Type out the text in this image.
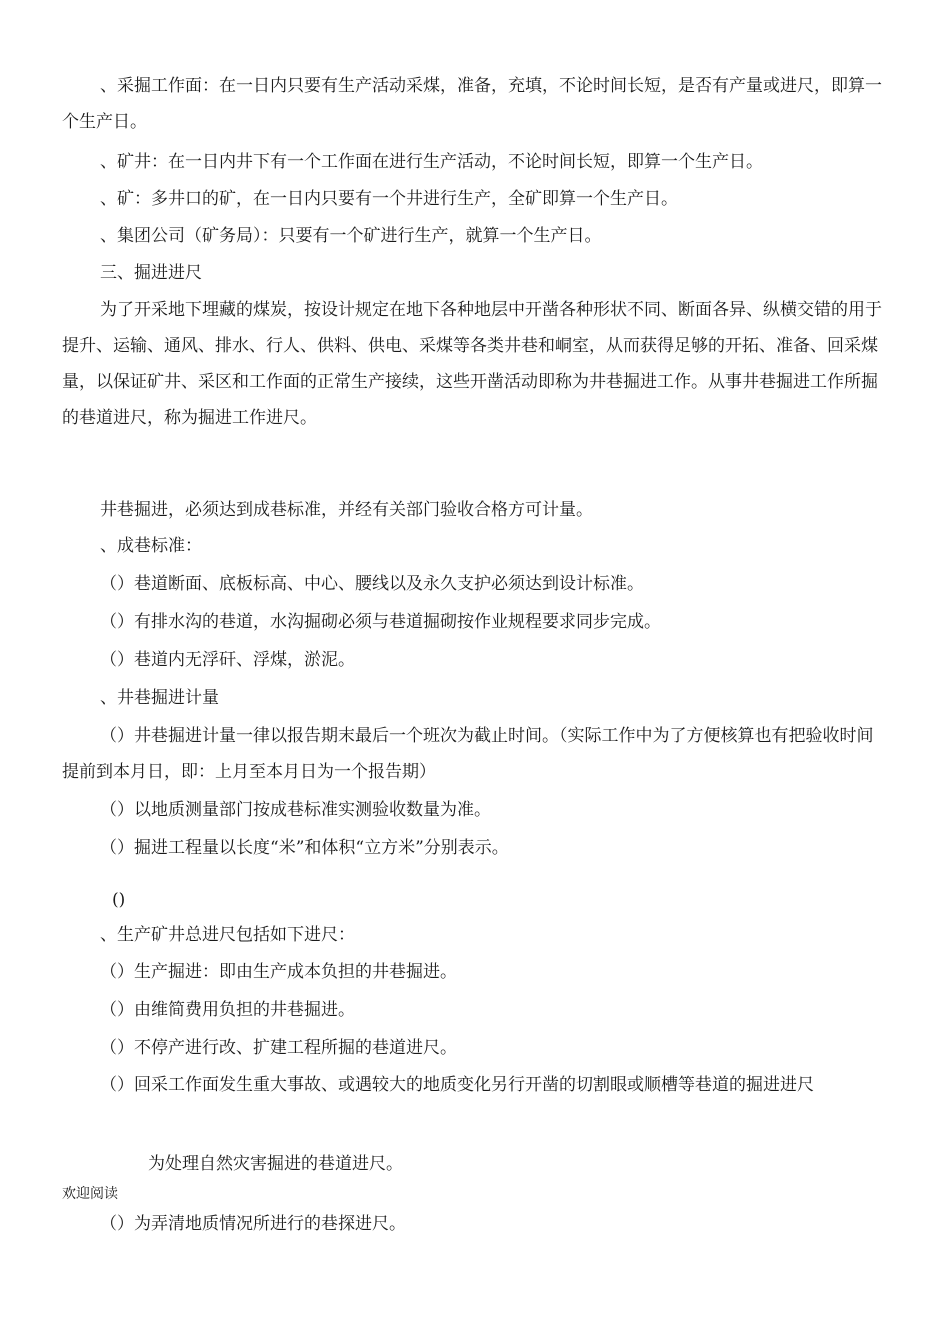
、采掘工作面：在一日内只要有生产活动采煤，准备，充填，不论时间长短，是否有产量或进尺，即算一个生产日。

、矿井：在一日内井下有一个工作面在进行生产活动，不论时间长短，即算一个生产日。

、矿：多井口的矿，在一日内只要有一个井进行生产，全矿即算一个生产日。

、集团公司（矿务局）：只要有一个矿进行生产，就算一个生产日。

三、掘进进尺

为了开采地下埋藏的煤炭，按设计规定在地下各种地层中开凿各种形状不同、断面各异、纵横交错的用于提升、运输、通风、排水、行人、供料、供电、采煤等各类井巷和峒室，从而获得足够的开拓、准备、回采煤量，以保证矿井、采区和工作面的正常生产接续，这些开凿活动即称为井巷掘进工作。从事井巷掘进工作所掘的巷道进尺，称为掘进工作进尺。

井巷掘进，必须达到成巷标准，并经有关部门验收合格方可计量。

、成巷标准：

（）巷道断面、底板标高、中心、腰线以及永久支护必须达到设计标准。

（）有排水沟的巷道，水沟掘砌必须与巷道掘砌按作业规程要求同步完成。

（）巷道内无浮矸、浮煤，淤泥。

、井巷掘进计量

（）井巷掘进计量一律以报告期末最后一个班次为截止时间。（实际工作中为了方便核算也有把验收时间提前到本月日，即：上月至本月日为一个报告期）

（）以地质测量部门按成巷标准实测验收数量为准。

（）掘进工程量以长度“米”和体积“立方米”分别表示。

()

、生产矿井总进尺包括如下进尺：

（）生产掘进：即由生产成本负担的井巷掘进。

（）由维简费用负担的井巷掘进。

（）不停产进行改、扩建工程所掘的巷道进尺。

（）回采工作面发生重大事故、或遇较大的地质变化另行开凿的切割眼或顺槽等巷道的掘进进尺

为处理自然灾害掘进的巷道进尺。

欢迎阅读

（）为弄清地质情况所进行的巷探进尺。
